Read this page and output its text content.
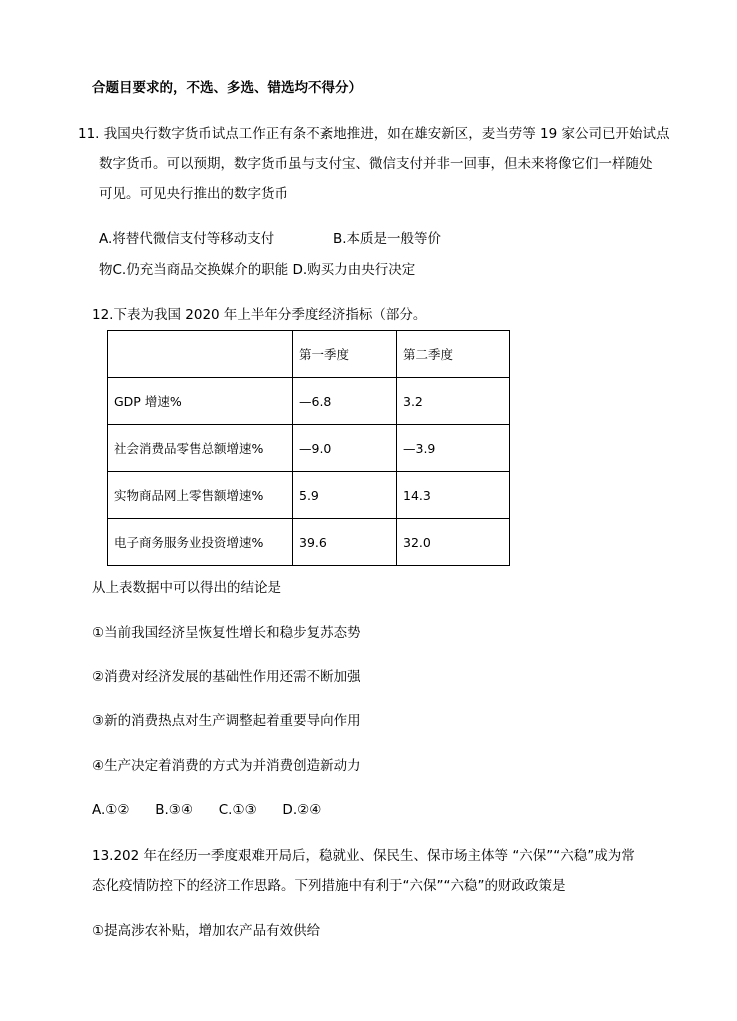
合题目要求的，不选、多选、错选均不得分）
11. 我国央行数字货币试点工作正有条不紊地推进，如在雄安新区，麦当劳等 19 家公司已开始试点
数字货币。可以预期，数字货币虽与支付宝、微信支付并非一回事，但未来将像它们一样随处
可见。可见央行推出的数字货币
A.将替代微信支付等移动支付	B.本质是一般等价
物C.仍充当商品交换媒介的职能 D.购买力由央行决定
12.下表为我国 2020 年上半年分季度经济指标（部分。
	第一季度	第二季度
GDP 增速%	—6.8	3.2
社会消费品零售总额增速%	—9.0	—3.9
实物商品网上零售额增速%	5.9	14.3
电子商务服务业投资增速%	39.6	32.0
从上表数据中可以得出的结论是
①当前我国经济呈恢复性增长和稳步复苏态势
②消费对经济发展的基础性作用还需不断加强
③新的消费热点对生产调整起着重要导向作用
④生产决定着消费的方式为并消费创造新动力
A.①②      B.③④      C.①③      D.②④
13.202 年在经历一季度艰难开局后，稳就业、保民生、保市场主体等 “六保”“六稳”成为常
态化疫情防控下的经济工作思路。下列措施中有利于“六保”“六稳”的财政政策是
①提高涉农补贴，增加农产品有效供给
